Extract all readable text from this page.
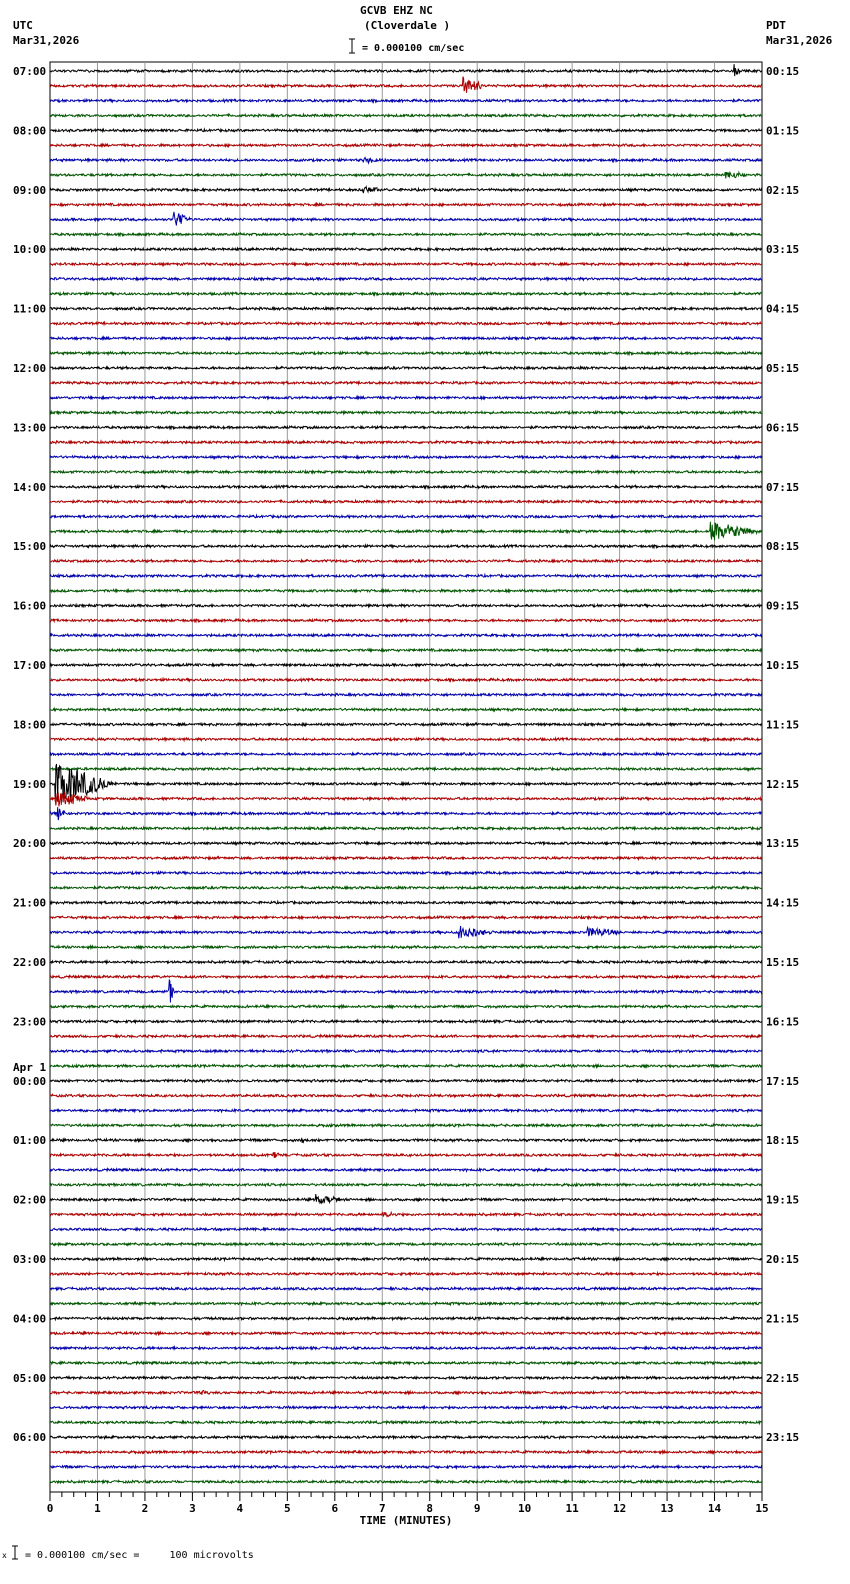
GCVB EHZ NC
(Cloverdale )
UTC
Mar31,2026
PDT
Mar31,2026
= 0.000100 cm/sec
07:00
08:00
09:00
10:00
11:00
12:00
13:00
14:00
15:00
16:00
17:00
18:00
19:00
20:00
21:00
22:00
23:00
00:00
01:00
02:00
03:00
04:00
05:00
06:00
00:15
01:15
02:15
03:15
04:15
05:15
06:15
07:15
08:15
09:15
10:15
11:15
12:15
13:15
14:15
15:15
16:15
17:15
18:15
19:15
20:15
21:15
22:15
23:15
0	1	2	3	4	5	6	7	8	9	10	11	12	13	14	15
TIME (MINUTES)
Apr 1
x = 0.000100 cm/sec =     100 microvolts
